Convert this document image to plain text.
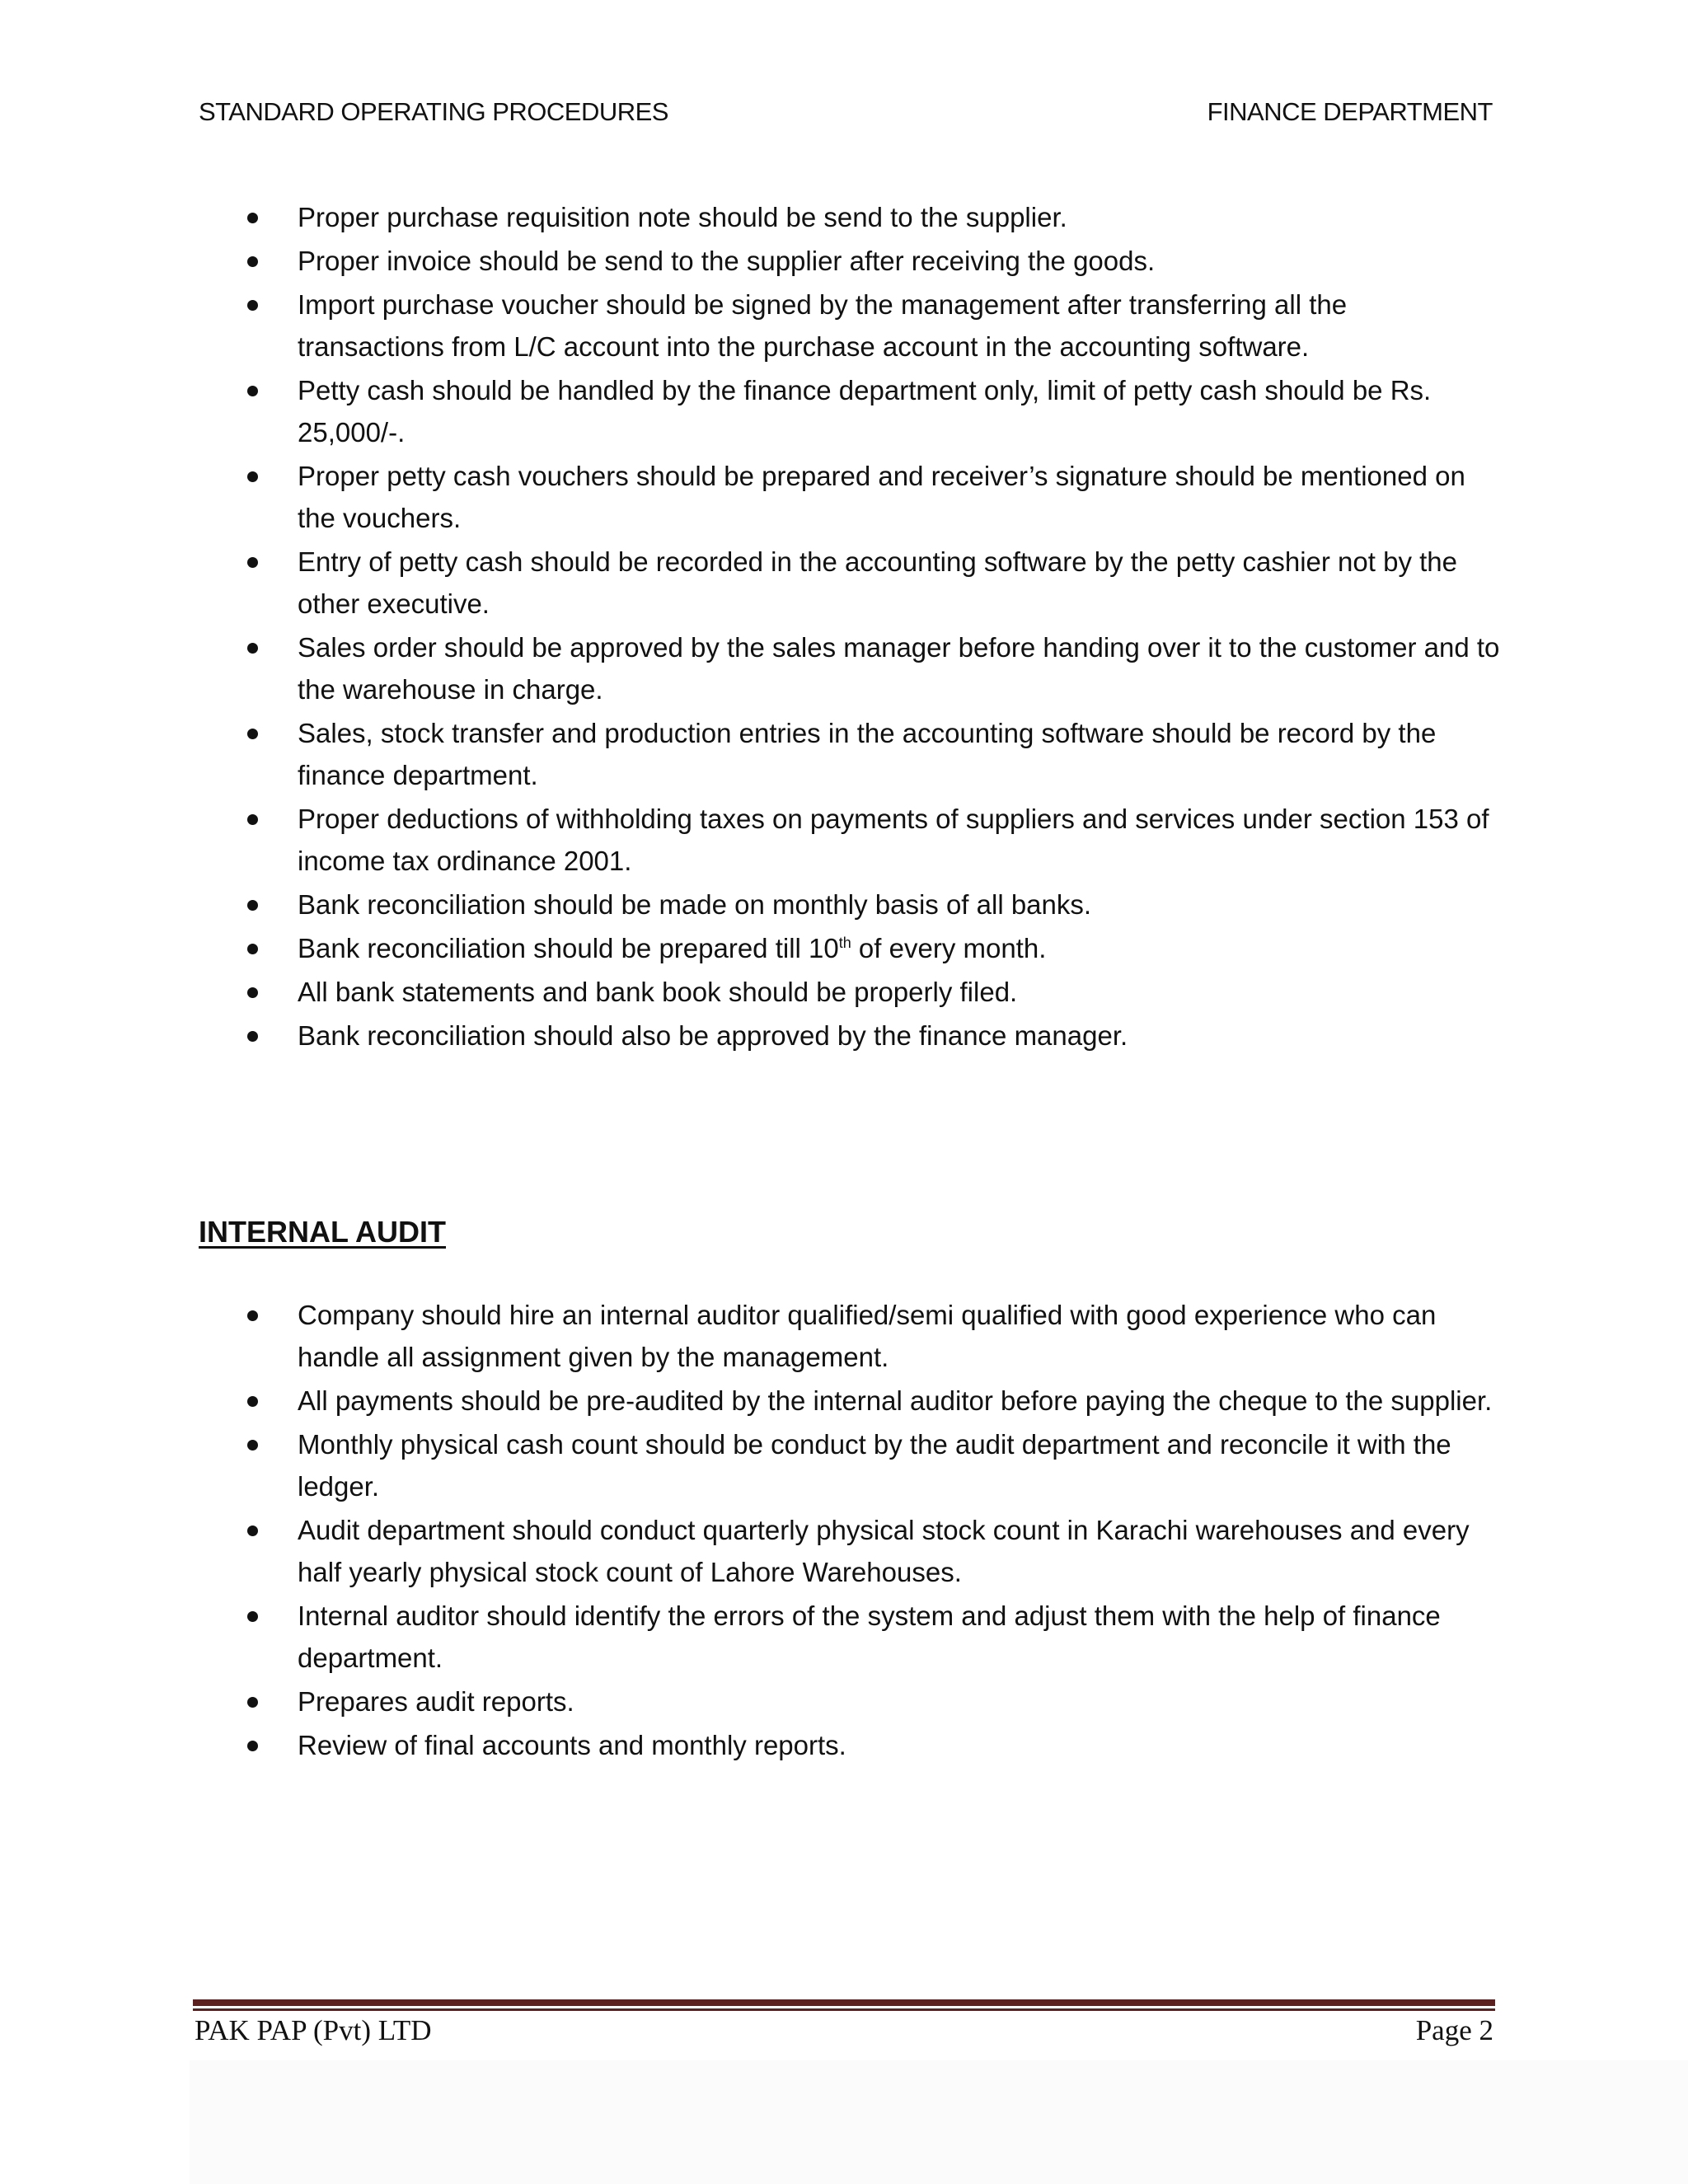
STANDARD OPERATING PROCEDURES	FINANCE DEPARTMENT
Proper purchase requisition note should be send to the supplier.
Proper invoice should be send to the supplier after receiving the goods.
Import purchase voucher should be signed by the management after transferring all the transactions from L/C account into the purchase account in the accounting software.
Petty cash should be handled by the finance department only, limit of petty cash should be Rs. 25,000/-.
Proper petty cash vouchers should be prepared and receiver’s signature should be mentioned on the vouchers.
Entry of petty cash should be recorded in the accounting software by the petty cashier not by the other executive.
Sales order should be approved by the sales manager before handing over it to the customer and to the warehouse in charge.
Sales, stock transfer and production entries in the accounting software should be record by the finance department.
Proper deductions of withholding taxes on payments of suppliers and services under section 153 of income tax ordinance 2001.
Bank reconciliation should be made on monthly basis of all banks.
Bank reconciliation should be prepared till 10th of every month.
All bank statements and bank book should be properly filed.
Bank reconciliation should also be approved by the finance manager.
INTERNAL AUDIT
Company should hire an internal auditor qualified/semi qualified with good experience who can handle all assignment given by the management.
All payments should be pre-audited by the internal auditor before paying the cheque to the supplier.
Monthly physical cash count should be conduct by the audit department and reconcile it with the ledger.
Audit department should conduct quarterly physical stock count in Karachi warehouses and every half yearly physical stock count of Lahore Warehouses.
Internal auditor should identify the errors of the system and adjust them with the help of finance department.
Prepares audit reports.
Review of final accounts and monthly reports.
PAK PAP (Pvt) LTD	Page 2
